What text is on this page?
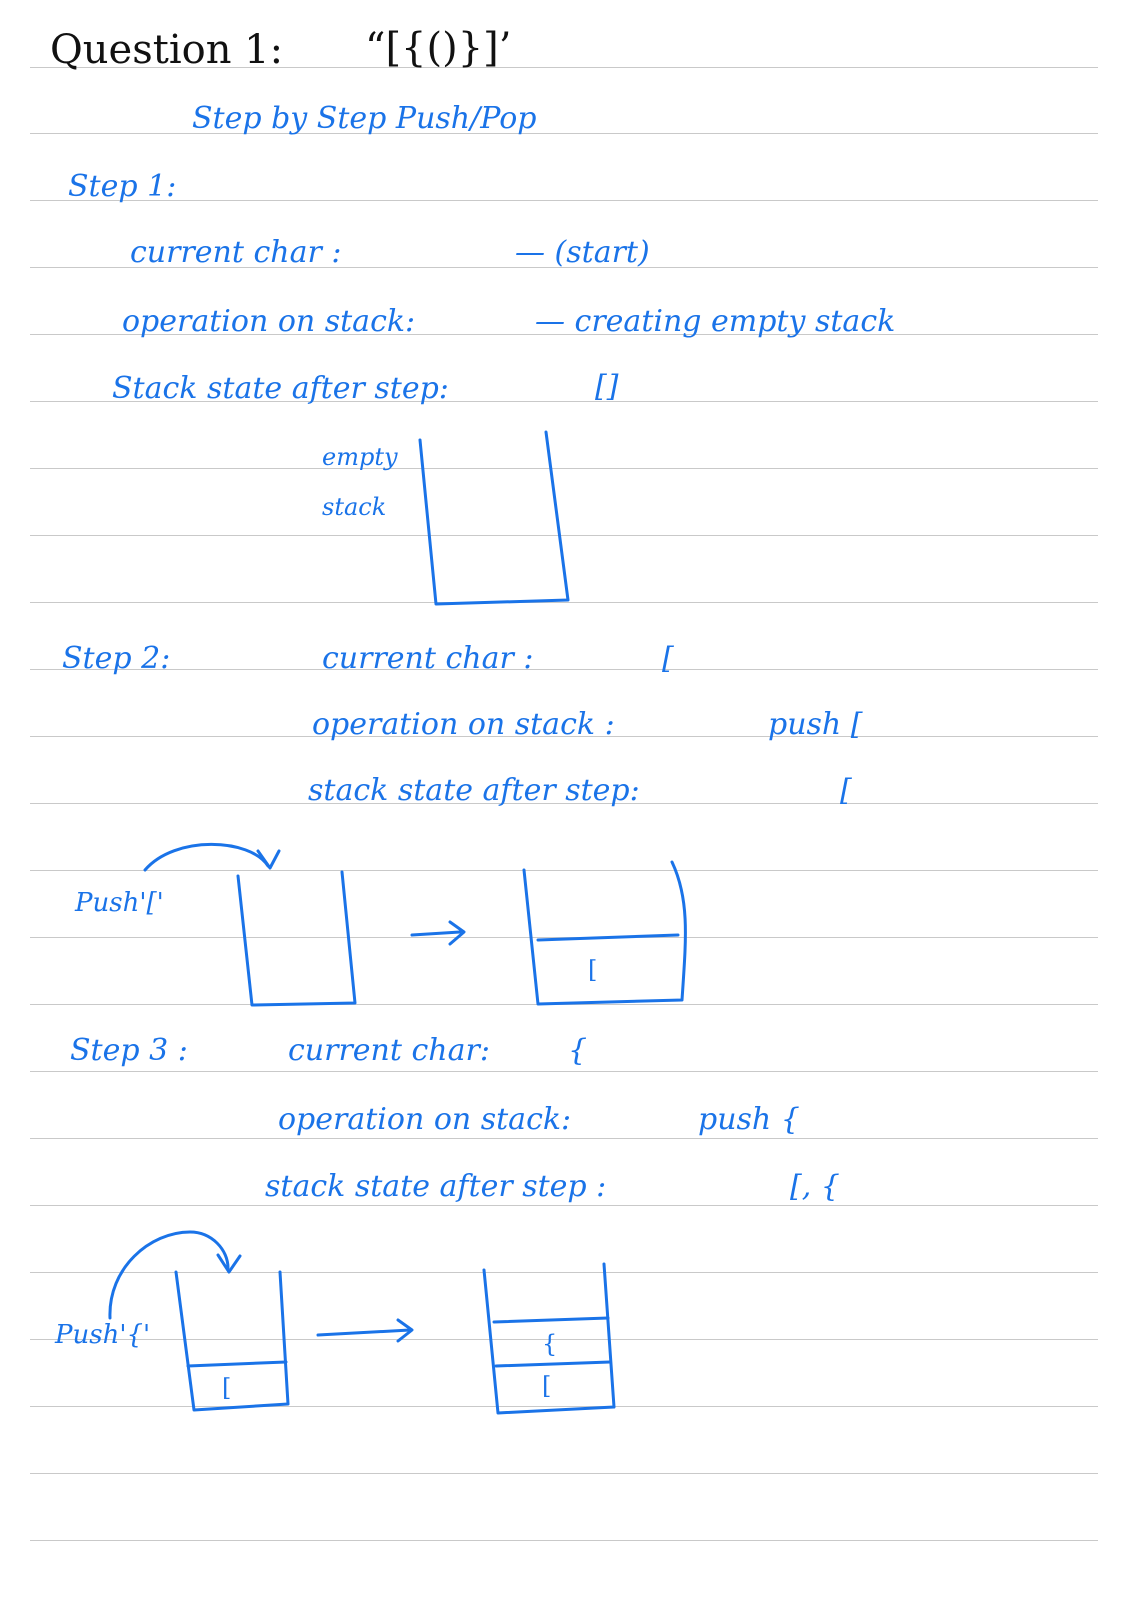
Question 1: “[{()}]’
Step by Step Push/Pop
Step 1:
current char :	— (start)
operation on stack:	— creating empty stack
Stack state after step:	[]
empty
stack
Step 2:	current char :	[
operation on stack :	push [
stack state after step:	[
Push'['
[
Step 3 :	current char:	{
operation on stack:	push {
stack state after step :	[, {
Push'{'
[
{
[
